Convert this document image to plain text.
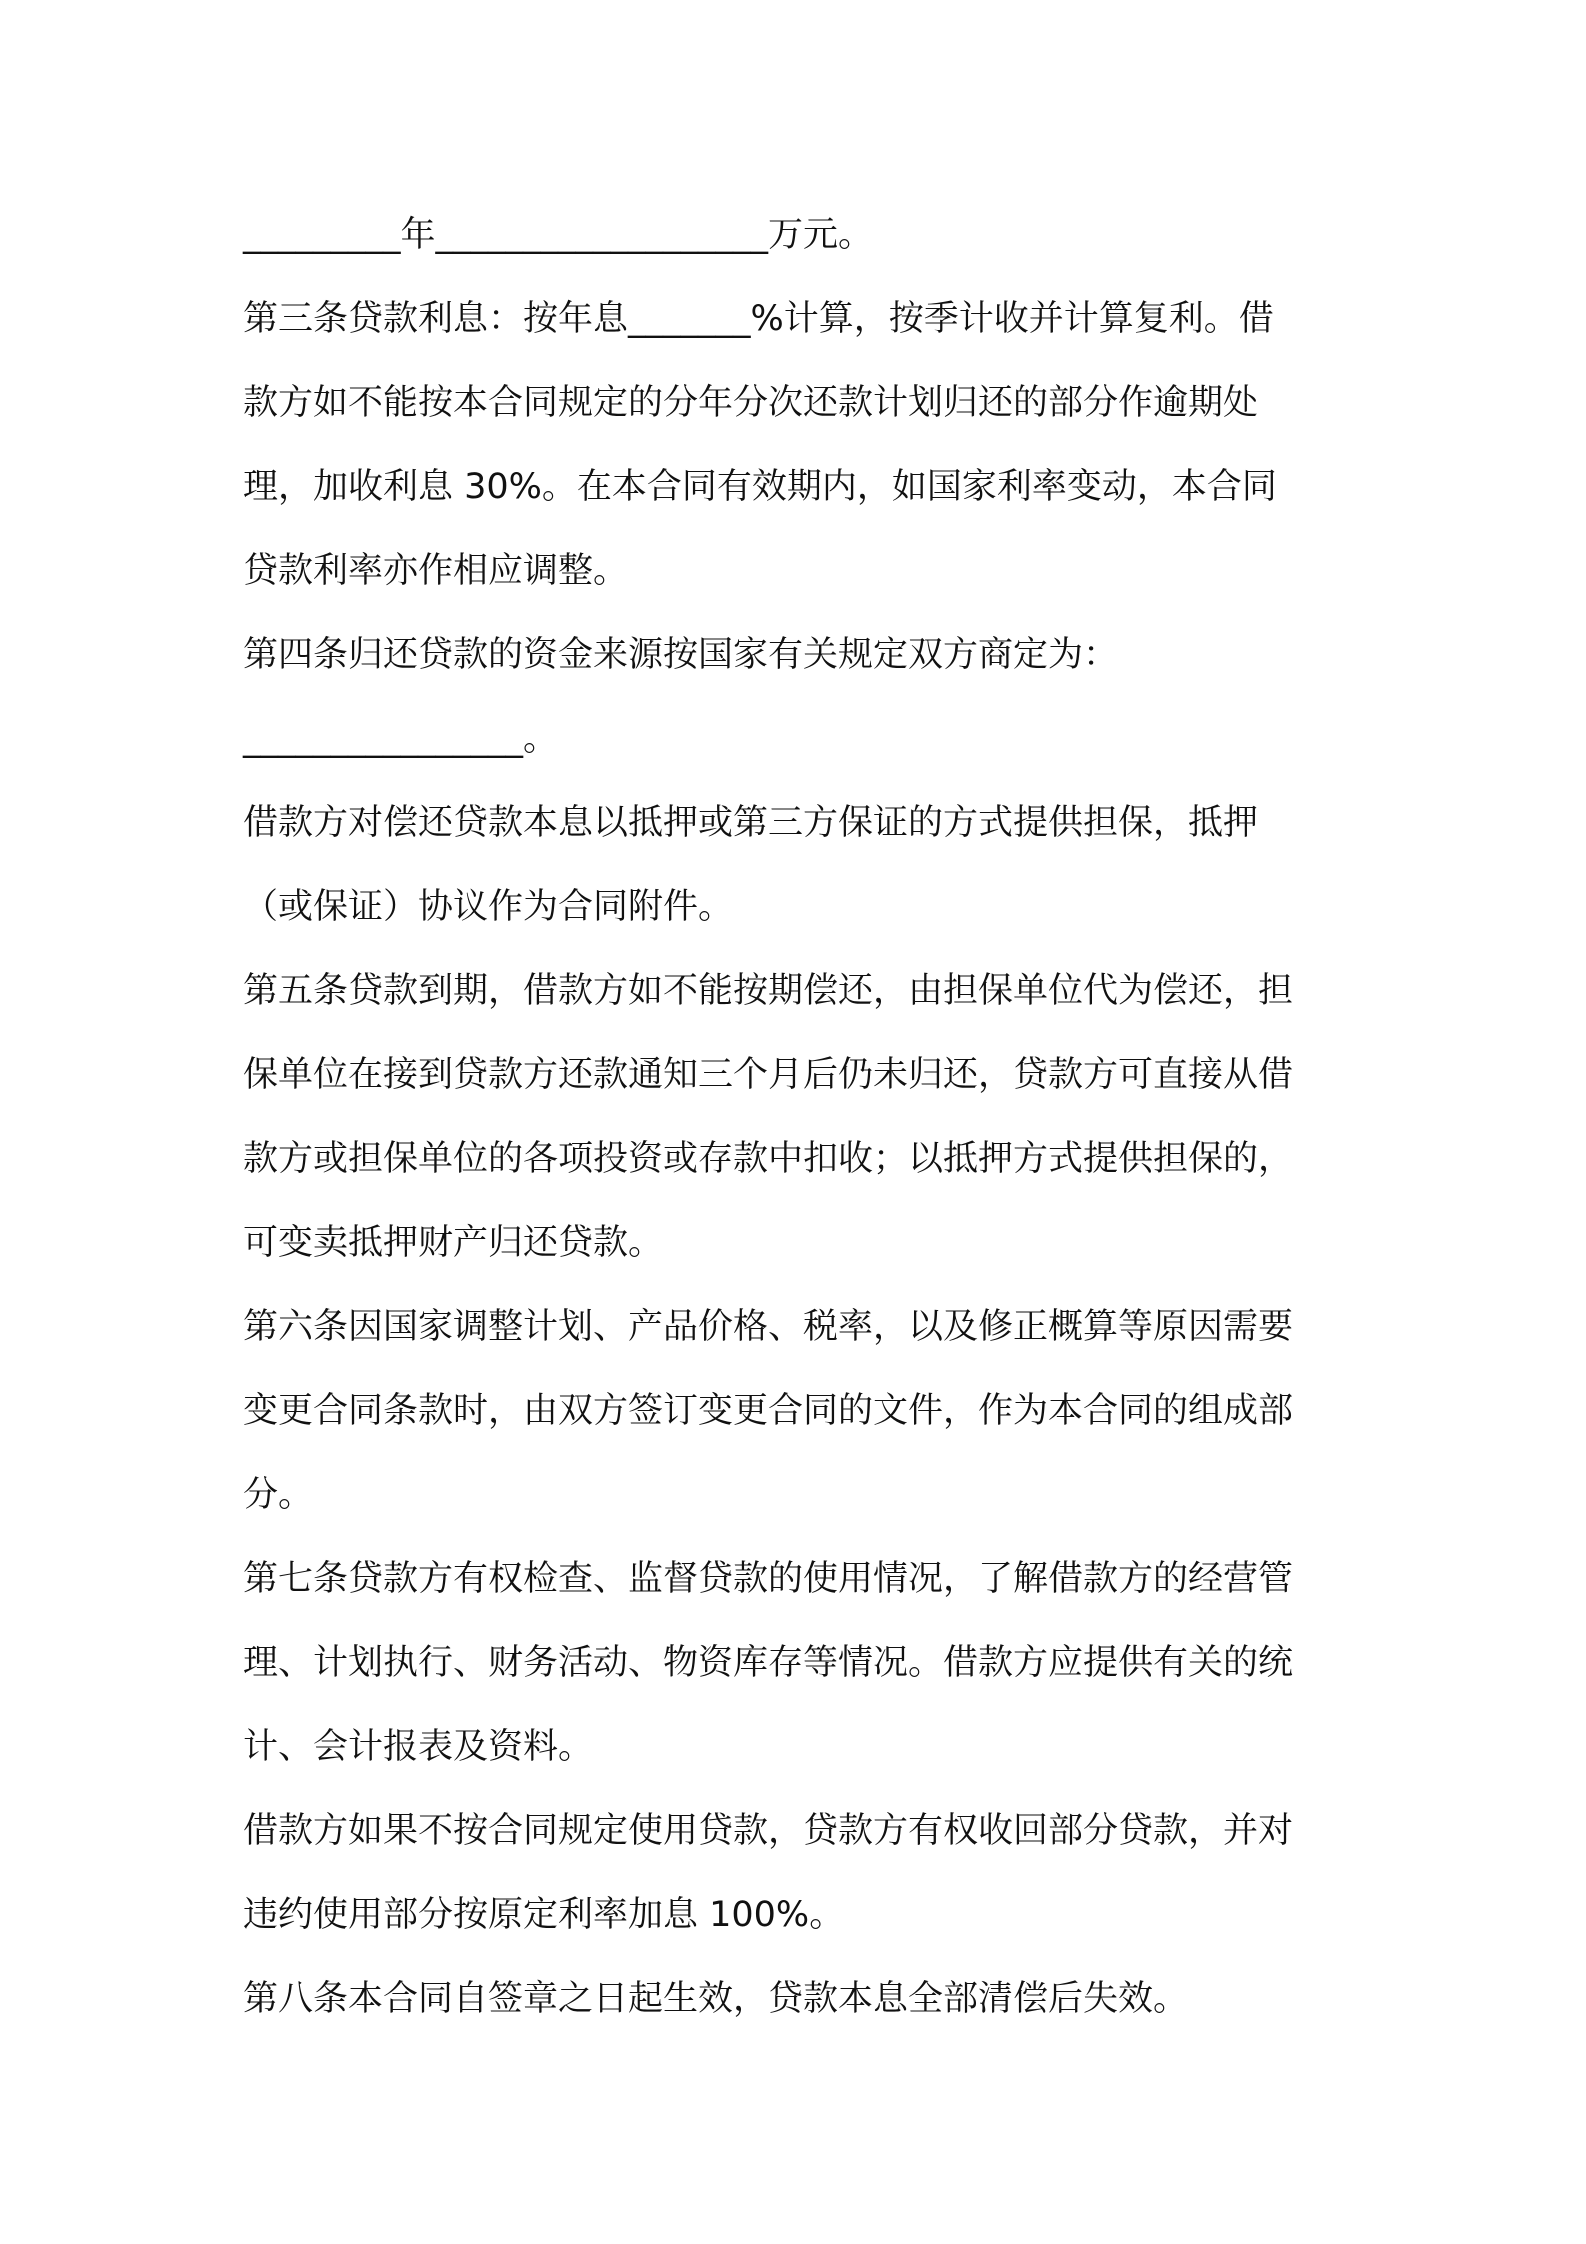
_________年___________________万元。
第三条贷款利息：按年息_______%计算，按季计收并计算复利。借
款方如不能按本合同规定的分年分次还款计划归还的部分作逾期处
理，加收利息 30%。在本合同有效期内，如国家利率变动，本合同
贷款利率亦作相应调整。
第四条归还贷款的资金来源按国家有关规定双方商定为：
________________。
借款方对偿还贷款本息以抵押或第三方保证的方式提供担保，抵押
（或保证）协议作为合同附件。
第五条贷款到期，借款方如不能按期偿还，由担保单位代为偿还，担
保单位在接到贷款方还款通知三个月后仍未归还，贷款方可直接从借
款方或担保单位的各项投资或存款中扣收；以抵押方式提供担保的，
可变卖抵押财产归还贷款。
第六条因国家调整计划、产品价格、税率，以及修正概算等原因需要
变更合同条款时，由双方签订变更合同的文件，作为本合同的组成部
分。
第七条贷款方有权检查、监督贷款的使用情况，了解借款方的经营管
理、计划执行、财务活动、物资库存等情况。借款方应提供有关的统
计、会计报表及资料。
借款方如果不按合同规定使用贷款，贷款方有权收回部分贷款，并对
违约使用部分按原定利率加息 100%。
第八条本合同自签章之日起生效，贷款本息全部清偿后失效。
